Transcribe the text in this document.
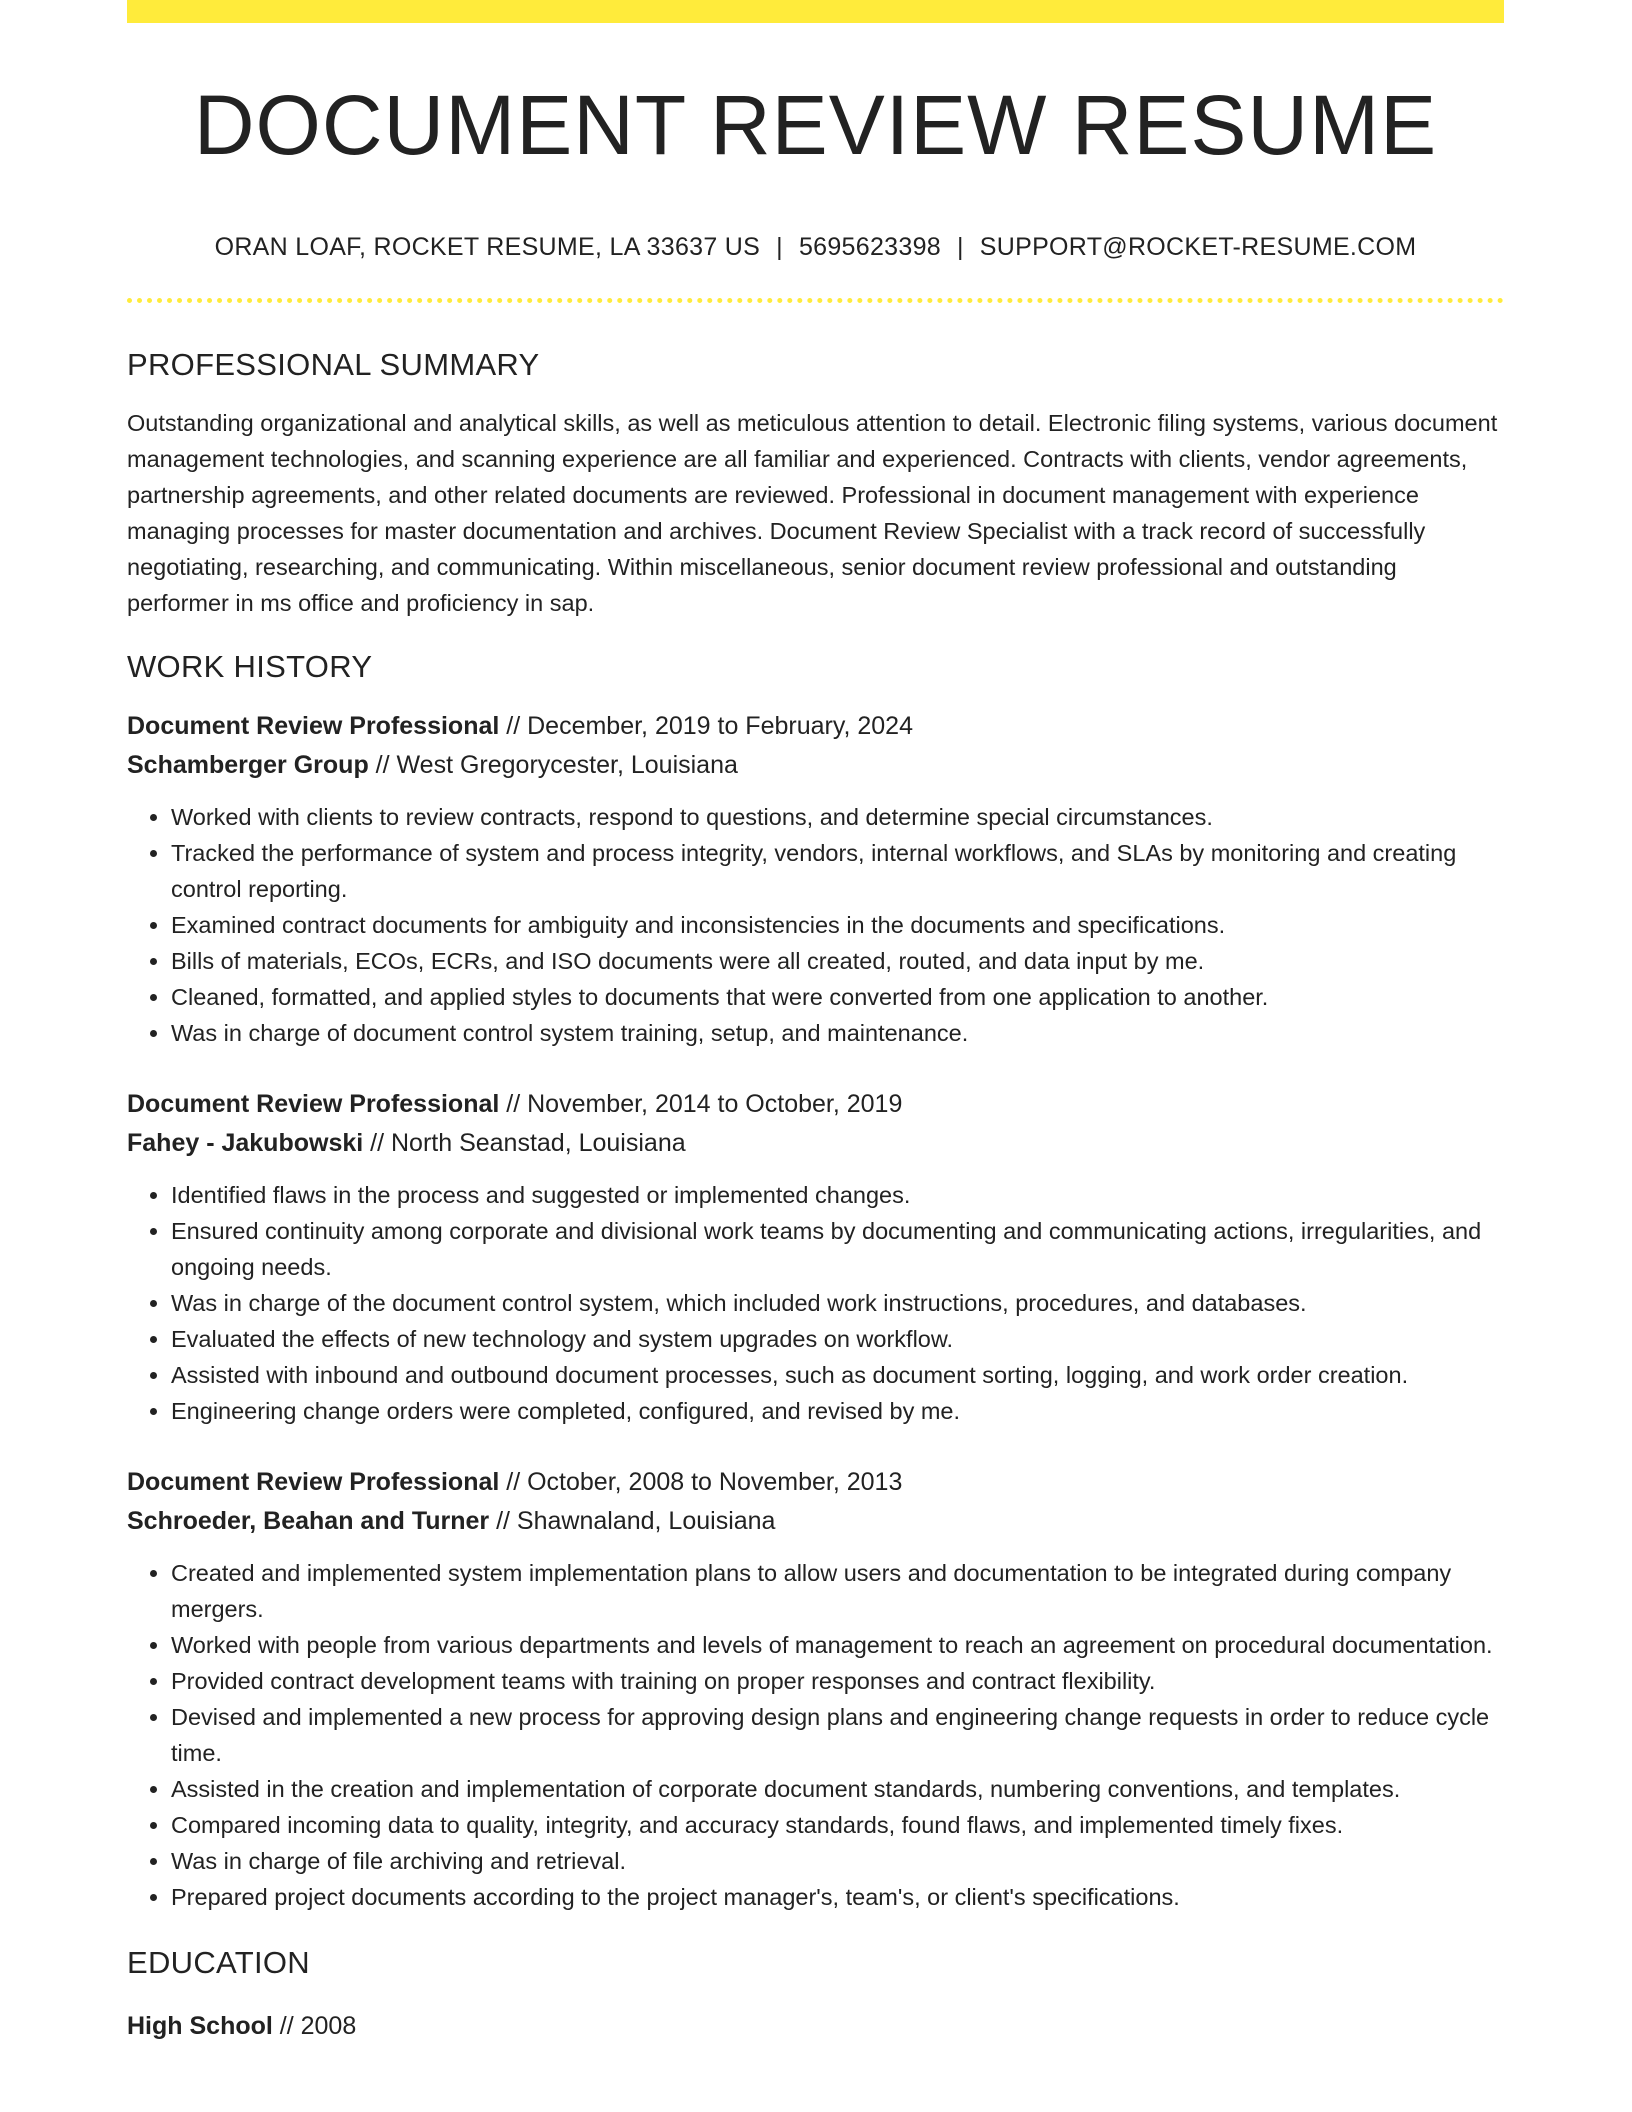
DOCUMENT REVIEW RESUME
ORAN LOAF, ROCKET RESUME, LA 33637 US | 5695623398 | SUPPORT@ROCKET-RESUME.COM
PROFESSIONAL SUMMARY

Outstanding organizational and analytical skills, as well as meticulous attention to detail. Electronic filing systems, various document management technologies, and scanning experience are all familiar and experienced. Contracts with clients, vendor agreements, partnership agreements, and other related documents are reviewed. Professional in document management with experience managing processes for master documentation and archives. Document Review Specialist with a track record of successfully negotiating, researching, and communicating. Within miscellaneous, senior document review professional and outstanding performer in ms office and proficiency in sap.

WORK HISTORY
Document Review Professional // December, 2019 to February, 2024
Schamberger Group // West Gregorycester, Louisiana
• Worked with clients to review contracts, respond to questions, and determine special circumstances.
• Tracked the performance of system and process integrity, vendors, internal workflows, and SLAs by monitoring and creating control reporting.
• Examined contract documents for ambiguity and inconsistencies in the documents and specifications.
• Bills of materials, ECOs, ECRs, and ISO documents were all created, routed, and data input by me.
• Cleaned, formatted, and applied styles to documents that were converted from one application to another.
• Was in charge of document control system training, setup, and maintenance.
Document Review Professional // November, 2014 to October, 2019
Fahey - Jakubowski // North Seanstad, Louisiana
• Identified flaws in the process and suggested or implemented changes.
• Ensured continuity among corporate and divisional work teams by documenting and communicating actions, irregularities, and ongoing needs.
• Was in charge of the document control system, which included work instructions, procedures, and databases.
• Evaluated the effects of new technology and system upgrades on workflow.
• Assisted with inbound and outbound document processes, such as document sorting, logging, and work order creation.
• Engineering change orders were completed, configured, and revised by me.
Document Review Professional // October, 2008 to November, 2013
Schroeder, Beahan and Turner // Shawnaland, Louisiana
• Created and implemented system implementation plans to allow users and documentation to be integrated during company mergers.
• Worked with people from various departments and levels of management to reach an agreement on procedural documentation.
• Provided contract development teams with training on proper responses and contract flexibility.
• Devised and implemented a new process for approving design plans and engineering change requests in order to reduce cycle time.
• Assisted in the creation and implementation of corporate document standards, numbering conventions, and templates.
• Compared incoming data to quality, integrity, and accuracy standards, found flaws, and implemented timely fixes.
• Was in charge of file archiving and retrieval.
• Prepared project documents according to the project manager's, team's, or client's specifications.
EDUCATION
High School // 2008
